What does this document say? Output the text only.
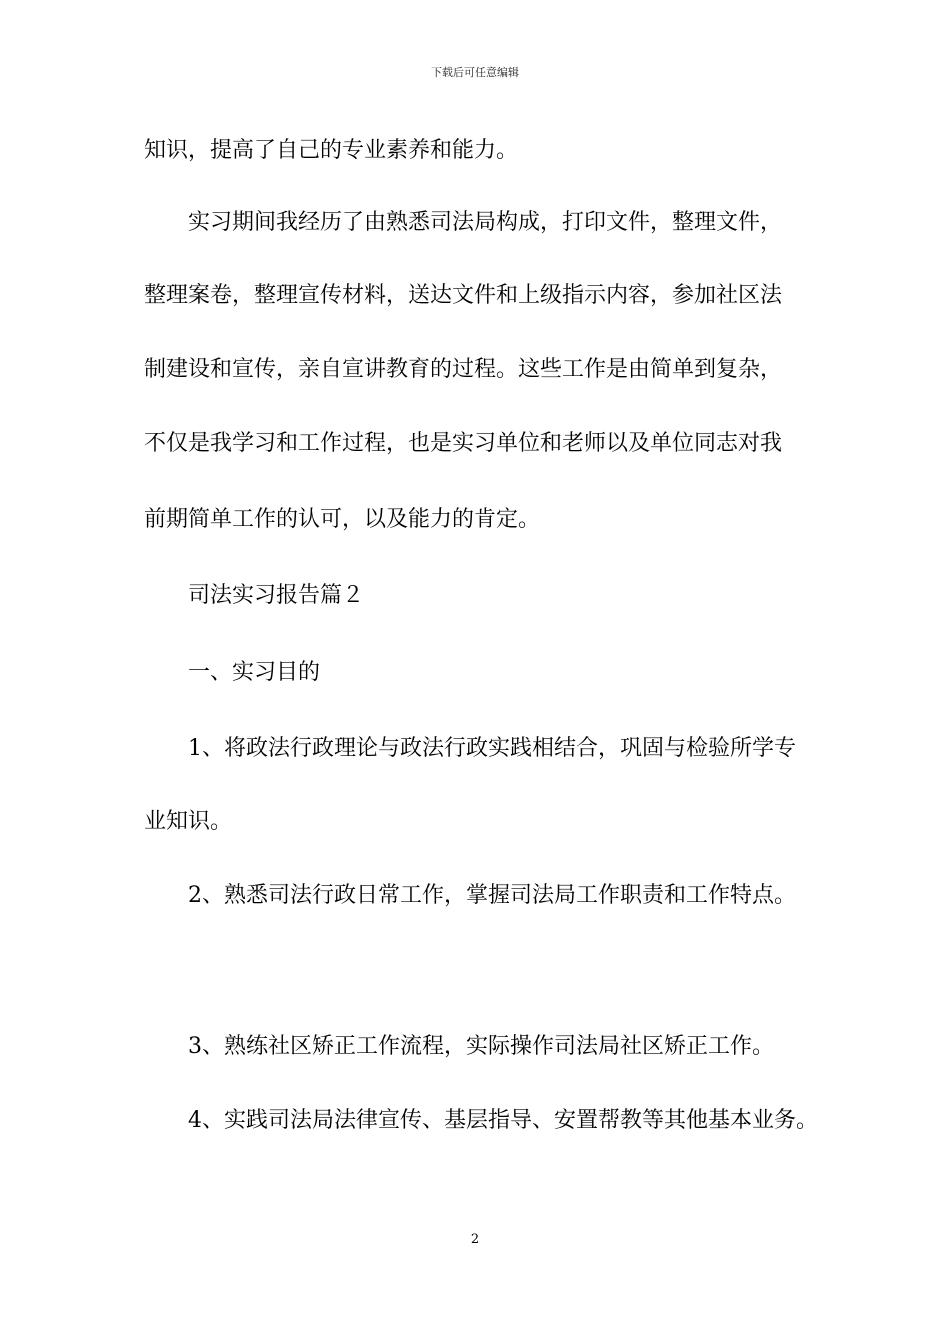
下载后可任意编辑
知识，提高了自己的专业素养和能力。
　　实习期间我经历了由熟悉司法局构成，打印文件，整理文件，
整理案卷，整理宣传材料，送达文件和上级指示内容，参加社区法
制建设和宣传，亲自宣讲教育的过程。这些工作是由简单到复杂，
不仅是我学习和工作过程，也是实习单位和老师以及单位同志对我
前期简单工作的认可，以及能力的肯定。
　　司法实习报告篇２
　　一、实习目的
　　1、将政法行政理论与政法行政实践相结合，巩固与检验所学专
业知识。
　　2、熟悉司法行政日常工作，掌握司法局工作职责和工作特点。
　　3、熟练社区矫正工作流程，实际操作司法局社区矫正工作。
　　4、实践司法局法律宣传、基层指导、安置帮教等其他基本业务。
2
